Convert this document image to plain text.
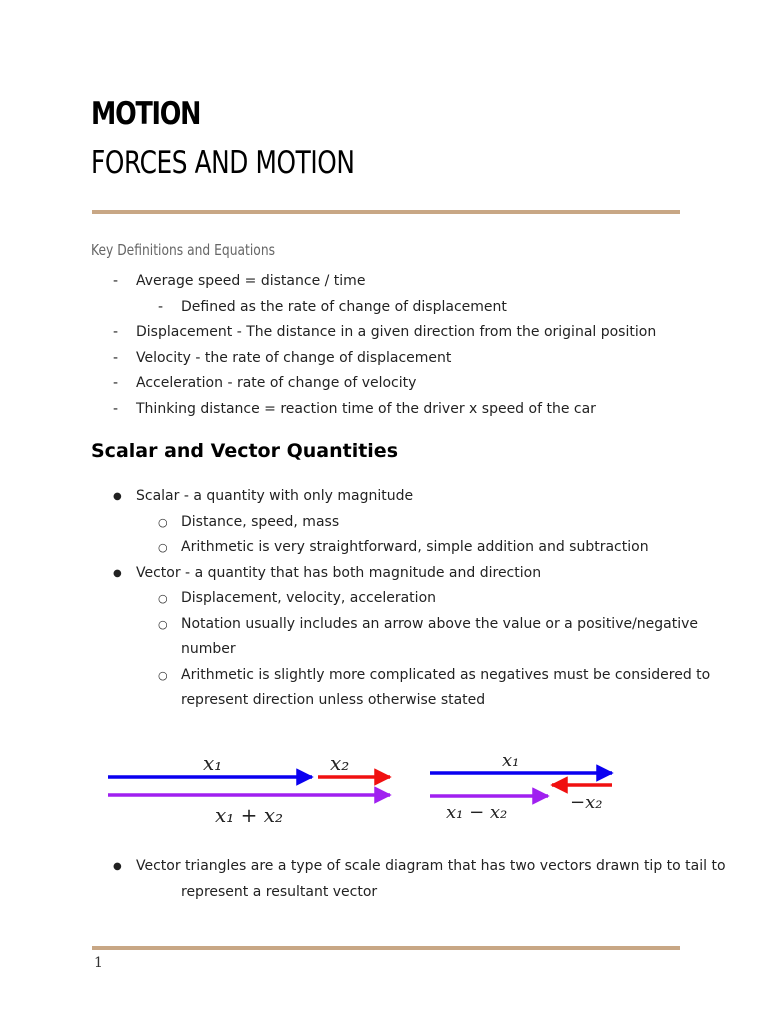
MOTION
FORCES AND MOTION
Key Definitions and Equations
- Average speed = distance / time
- Defined as the rate of change of displacement
- Displacement - The distance in a given direction from the original position
- Velocity - the rate of change of displacement
- Acceleration - rate of change of velocity
- Thinking distance = reaction time of the driver x speed of the car
Scalar and Vector Quantities
● Scalar - a quantity with only magnitude
○ Distance, speed, mass
○ Arithmetic is very straightforward, simple addition and subtraction
● Vector - a quantity that has both magnitude and direction
○ Displacement, velocity, acceleration
○ Notation usually includes an arrow above the value or a positive/negative
number
○ Arithmetic is slightly more complicated as negatives must be considered to
represent direction unless otherwise stated
x₁	x₂
x₁ + x₂
x₁
x₁ − x₂	−x₂
● Vector triangles are a type of scale diagram that has two vectors drawn tip to tail to
represent a resultant vector
1
